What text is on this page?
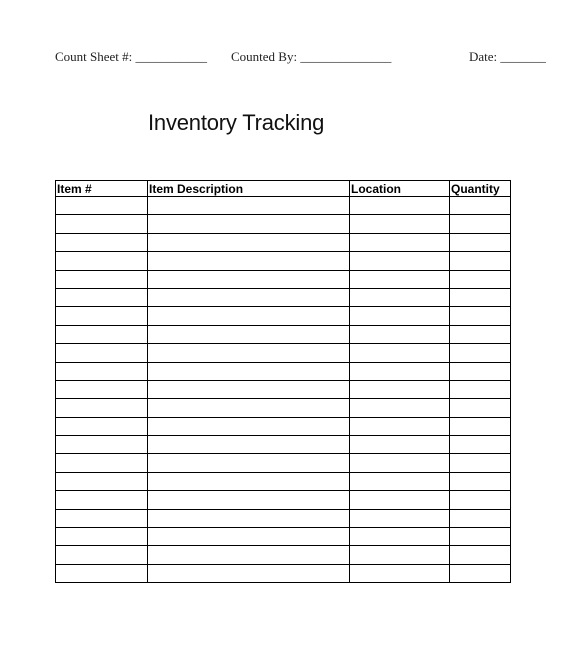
Count Sheet #: ___________ Counted By: ______________	Date: _______
Inventory Tracking
Item #	Item Description	Location	Quantity
